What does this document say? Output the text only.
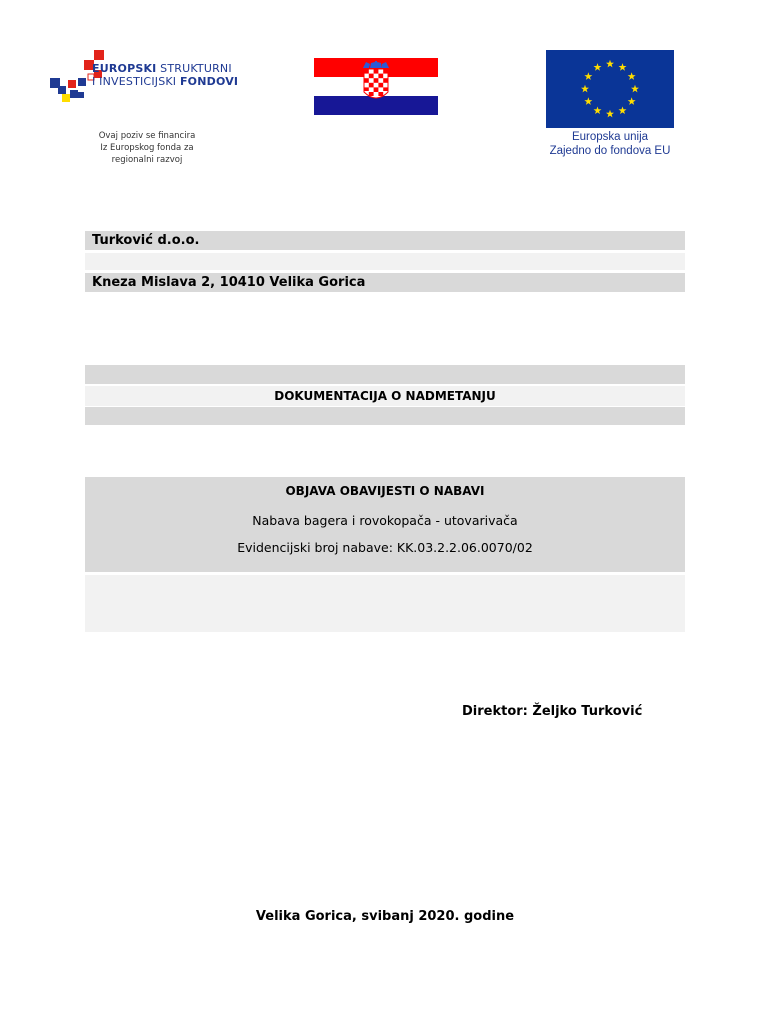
EUROPSKI STRUKTURNI
I INVESTICIJSKI FONDOVI
Ovaj poziv se financira
Iz Europskog fonda za
regionalni razvoj
Europska unija
Zajedno do fondova EU
Turković d.o.o.
Kneza Mislava 2, 10410 Velika Gorica
DOKUMENTACIJA O NADMETANJU
OBJAVA OBAVIJESTI O NABAVI
Nabava bagera i rovokopača - utovarivača
Evidencijski broj nabave: KK.03.2.2.06.0070/02
Direktor: Željko Turković
Velika Gorica, svibanj 2020. godine
